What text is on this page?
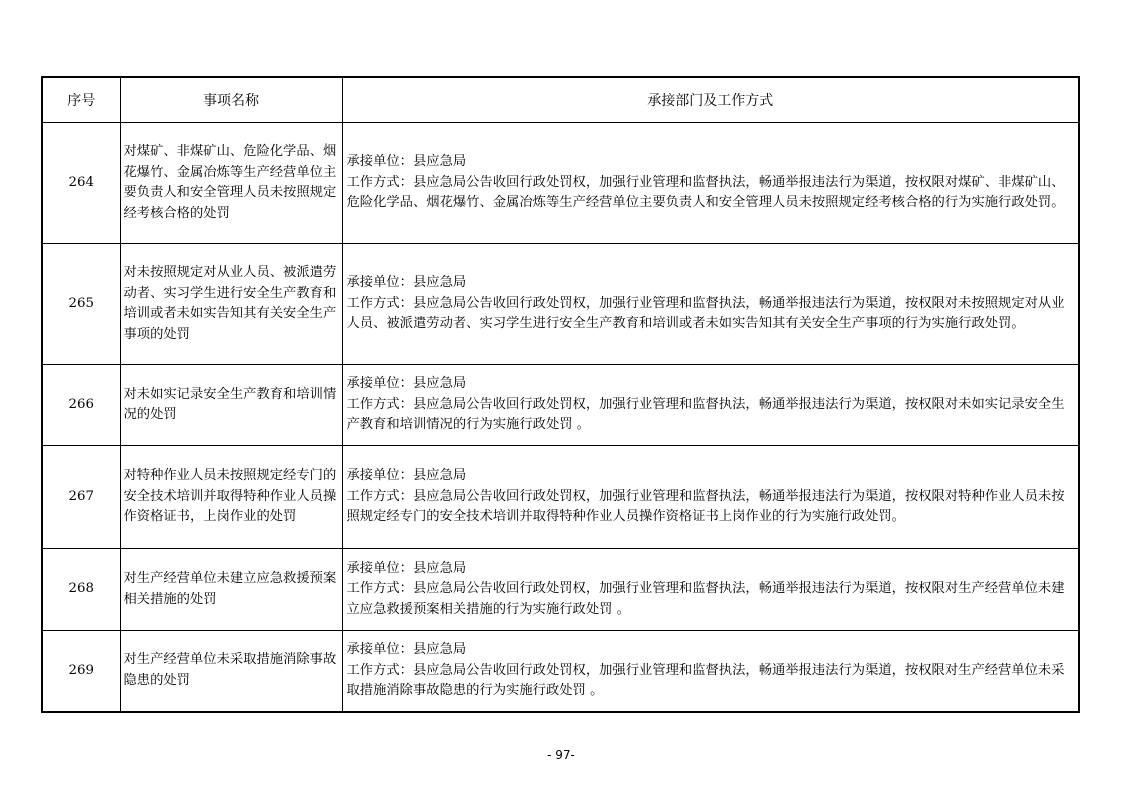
序号	事项名称	承接部门及工作方式
264	对煤矿、非煤矿山、危险化学品、烟花爆竹、金属冶炼等生产经营单位主要负责人和安全管理人员未按照规定经考核合格的处罚	承接单位：县应急局
工作方式：县应急局公告收回行政处罚权，加强行业管理和监督执法，畅通举报违法行为渠道，按权限对煤矿、非煤矿山、危险化学品、烟花爆竹、金属冶炼等生产经营单位主要负责人和安全管理人员未按照规定经考核合格的行为实施行政处罚。

265	对未按照规定对从业人员、被派遣劳动者、实习学生进行安全生产教育和培训或者未如实告知其有关安全生产事项的处罚	承接单位：县应急局
工作方式：县应急局公告收回行政处罚权，加强行业管理和监督执法，畅通举报违法行为渠道，按权限对未按照规定对从业人员、被派遣劳动者、实习学生进行安全生产教育和培训或者未如实告知其有关安全生产事项的行为实施行政处罚。

266	对未如实记录安全生产教育和培训情况的处罚	承接单位：县应急局
工作方式：县应急局公告收回行政处罚权，加强行业管理和监督执法，畅通举报违法行为渠道，按权限对未如实记录安全生产教育和培训情况的行为实施行政处罚 。

267	对特种作业人员未按照规定经专门的安全技术培训并取得特种作业人员操作资格证书，上岗作业的处罚	承接单位：县应急局
工作方式：县应急局公告收回行政处罚权，加强行业管理和监督执法，畅通举报违法行为渠道，按权限对特种作业人员未按照规定经专门的安全技术培训并取得特种作业人员操作资格证书上岗作业的行为实施行政处罚。

268	对生产经营单位未建立应急救援预案相关措施的处罚	承接单位：县应急局
工作方式：县应急局公告收回行政处罚权，加强行业管理和监督执法，畅通举报违法行为渠道，按权限对生产经营单位未建立应急救援预案相关措施的行为实施行政处罚 。

269	对生产经营单位未采取措施消除事故隐患的处罚	承接单位：县应急局
工作方式：县应急局公告收回行政处罚权，加强行业管理和监督执法，畅通举报违法行为渠道，按权限对生产经营单位未采取措施消除事故隐患的行为实施行政处罚 。
- 97-
